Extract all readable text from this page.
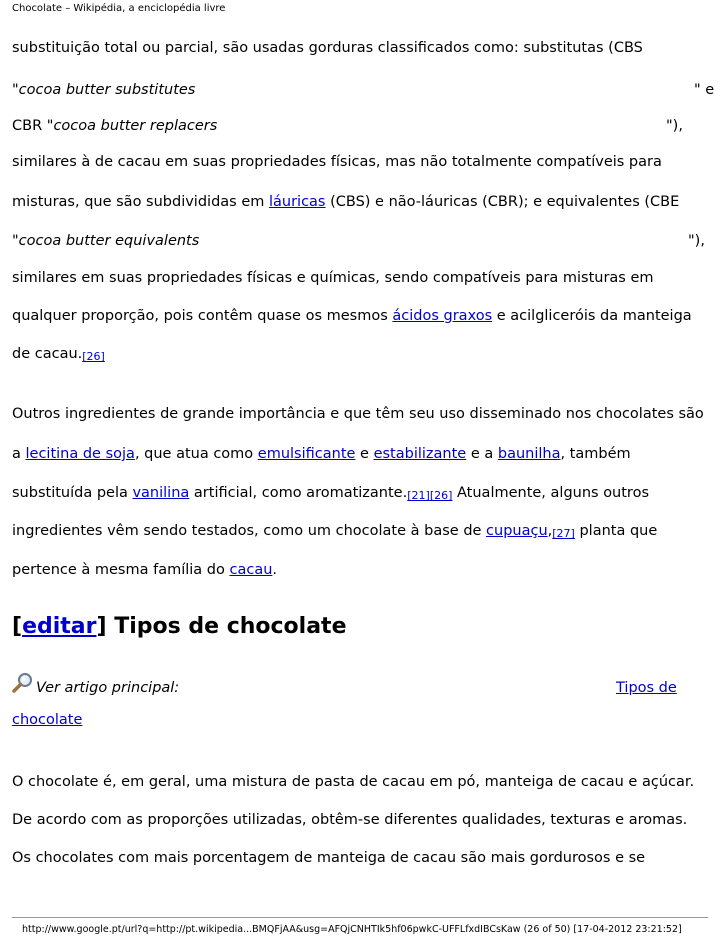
Chocolate – Wikipédia, a enciclopédia livre
substituição total ou parcial, são usadas gorduras classificados como: substitutas (CBS
"cocoa butter substitutes	" e
CBR "cocoa butter replacers	"),
similares à de cacau em suas propriedades físicas, mas não totalmente compatíveis para
misturas, que são subdivididas em láuricas (CBS) e não-láuricas (CBR); e equivalentes (CBE
"cocoa butter equivalents	"),
similares em suas propriedades físicas e químicas, sendo compatíveis para misturas em
qualquer proporção, pois contêm quase os mesmos ácidos graxos e acilgliceróis da manteiga
de cacau.[26]
Outros ingredientes de grande importância e que têm seu uso disseminado nos chocolates são
a lecitina de soja, que atua como emulsificante e estabilizante e a baunilha, também
substituída pela vanilina artificial, como aromatizante.[21][26] Atualmente, alguns outros
ingredientes vêm sendo testados, como um chocolate à base de cupuaçu,[27] planta que
pertence à mesma família do cacau.
[editar] Tipos de chocolate
Ver artigo principal:	Tipos de
chocolate
O chocolate é, em geral, uma mistura de pasta de cacau em pó, manteiga de cacau e açúcar.
De acordo com as proporções utilizadas, obtêm-se diferentes qualidades, texturas e aromas.
Os chocolates com mais porcentagem de manteiga de cacau são mais gordurosos e se
http://www.google.pt/url?q=http://pt.wikipedia...BMQFjAA&usg=AFQjCNHTIk5hf06pwkC-UFFLfxdIBCsKaw (26 of 50) [17-04-2012 23:21:52]
